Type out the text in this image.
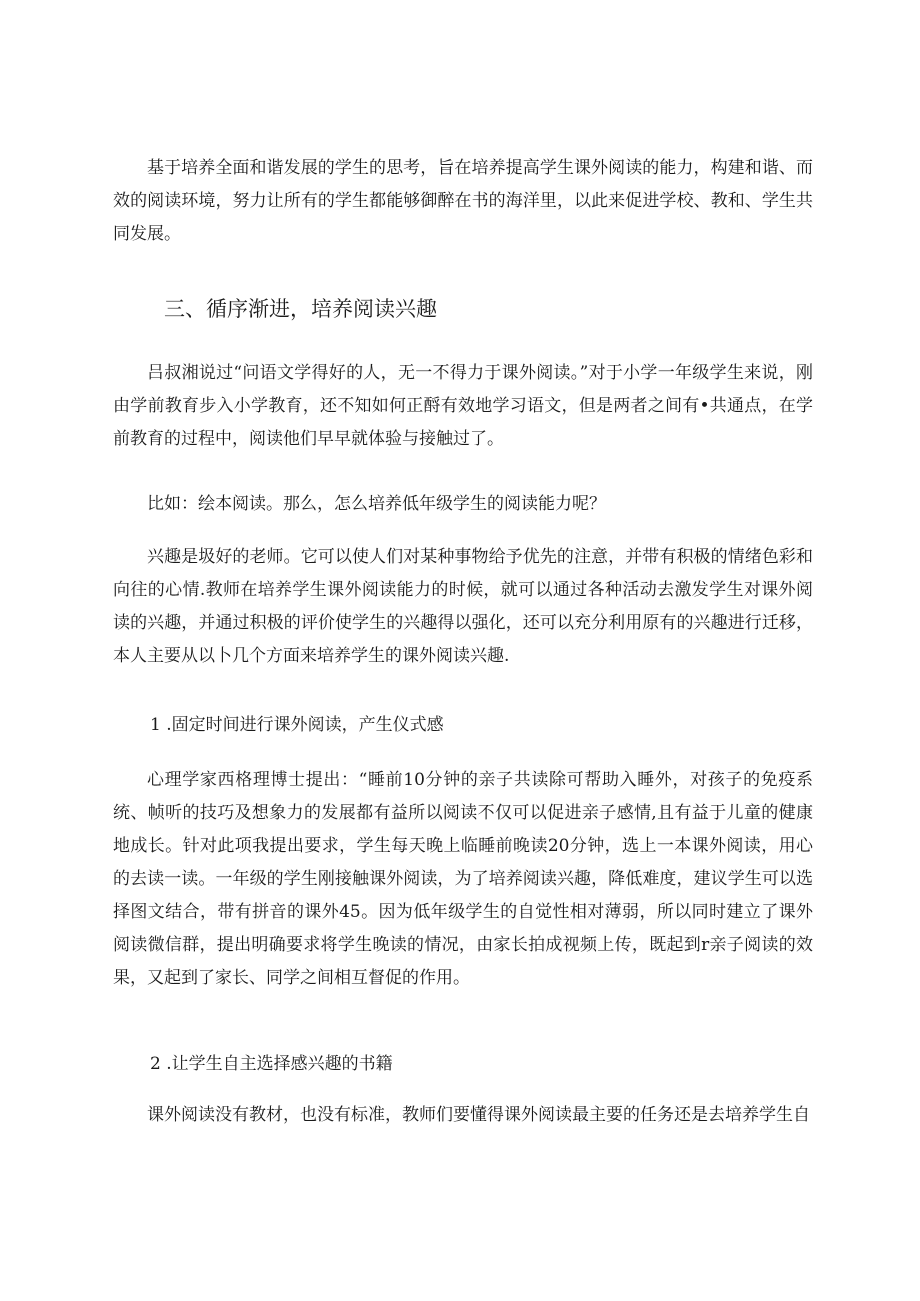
基于培养全面和谐发展的学生的思考，旨在培养提高学生课外阅读的能力，构建和谐、而效的阅读环境，努力让所有的学生都能够御醉在书的海洋里，以此来促进学校、教和、学生共同发展。

三、循序渐进，培养阅读兴趣

吕叔湘说过“问语文学得好的人，无一不得力于课外阅读。”对于小学一年级学生来说，刚由学前教育步入小学教育，还不知如何正酹有效地学习语文，但是两者之间有•共通点，在学前教育的过程中，阅读他们早早就体验与接触过了。

比如：绘本阅读。那么，怎么培养低年级学生的阅读能力呢？

兴趣是圾好的老师。它可以使人们对某种事物给予优先的注意，并带有积极的情绪色彩和向往的心情.教师在培养学生课外阅读能力的时候，就可以通过各种活动去激发学生对课外阅读的兴趣，并通过积极的评价使学生的兴趣得以强化，还可以充分利用原有的兴趣进行迁移，本人主要从以卜几个方面来培养学生的课外阅读兴趣.

1 .固定时间进行课外阅读，产生仪式感

心理学家西格理博士提出：“睡前10分钟的亲子共读除可帮助入睡外，对孩子的免疫系统、帧听的技巧及想象力的发展都有益所以阅读不仅可以促进亲子感情,且有益于儿童的健康地成长。针对此项我提出要求，学生每天晚上临睡前晚读20分钟，选上一本课外阅读，用心的去读一读。一年级的学生刚接触课外阅读，为了培养阅读兴趣，降低难度，建议学生可以选择图文结合，带有拼音的课外45。因为低年级学生的自觉性相对薄弱，所以同时建立了课外阅读微信群，提出明确要求将学生晚读的情况，由家长拍成视频上传，既起到r亲子阅读的效果，又起到了家长、同学之间相互督促的作用。

2 .让学生自主选择感兴趣的书籍

课外阅读没有教材，也没有标准，教师们要懂得课外阅读最主要的任务还是去培养学生自
